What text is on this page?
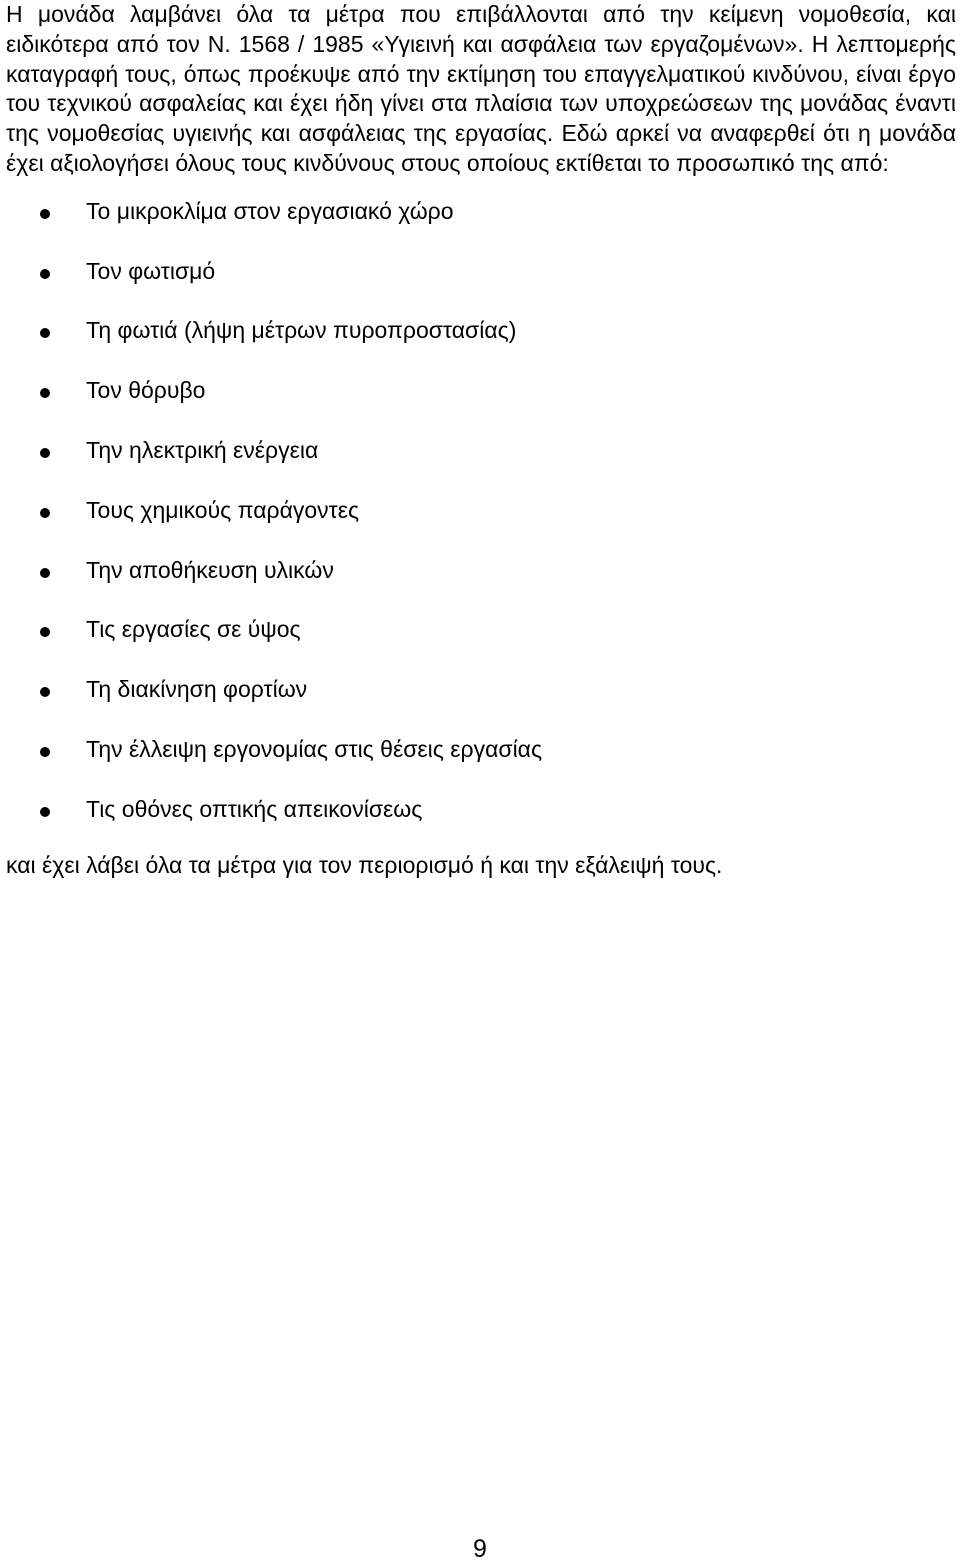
Η μονάδα λαμβάνει όλα τα μέτρα που επιβάλλονται από την κείμενη νομοθεσία, και ειδικότερα από τον Ν. 1568 / 1985 «Υγιεινή και ασφάλεια των εργαζομένων». Η λεπτομερής καταγραφή τους, όπως προέκυψε από την εκτίμηση του επαγγελματικού κινδύνου, είναι έργο του τεχνικού ασφαλείας και έχει ήδη γίνει στα πλαίσια των υποχρεώσεων της μονάδας έναντι της νομοθεσίας υγιεινής και ασφάλειας της εργασίας. Εδώ αρκεί να αναφερθεί ότι η μονάδα έχει αξιολογήσει όλους τους κινδύνους στους οποίους εκτίθεται το προσωπικό της από:

Το μικροκλίμα στον εργασιακό χώρο
Τον φωτισμό
Τη φωτιά (λήψη μέτρων πυροπροστασίας)
Τον θόρυβο
Την ηλεκτρική ενέργεια
Τους χημικούς παράγοντες
Την αποθήκευση υλικών
Τις εργασίες σε ύψος
Τη διακίνηση φορτίων
Την έλλειψη εργονομίας στις θέσεις εργασίας
Τις οθόνες οπτικής απεικονίσεως

και έχει λάβει όλα τα μέτρα για τον περιορισμό ή και την εξάλειψή τους.

9
